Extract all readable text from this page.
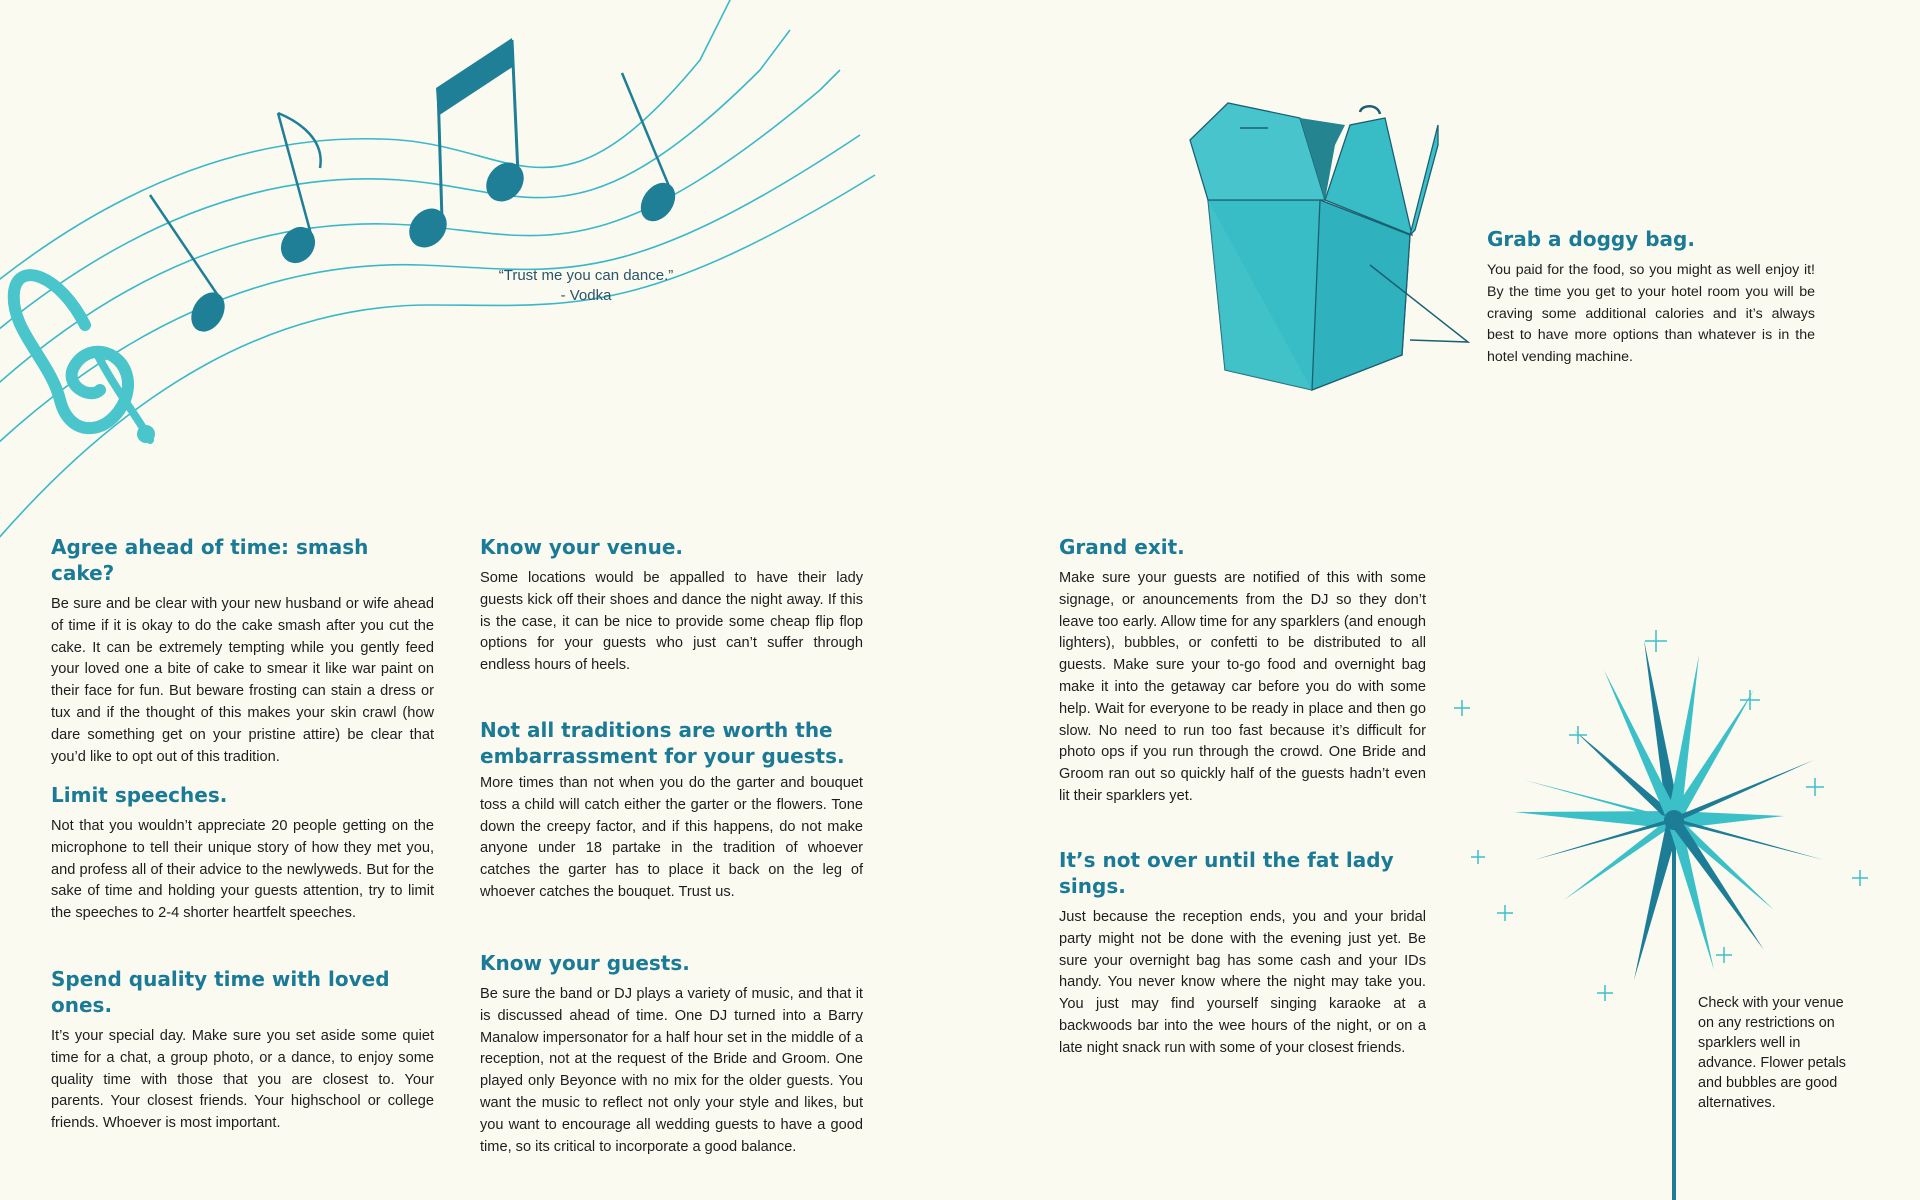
“Trust me you can dance.”
- Vodka
Grab a doggy bag.

You paid for the food, so you might as well enjoy it! By the time you get to your hotel room you will be craving some additional calories and it’s always best to have more options than whatever is in the hotel vending machine.

Agree ahead of time: smash cake?

Be sure and be clear with your new husband or wife ahead of time if it is okay to do the cake smash after you cut the cake. It can be extremely tempting while you gently feed your loved one a bite of cake to smear it like war paint on their face for fun. But beware frosting can stain a dress or tux and if the thought of this makes your skin crawl (how dare something get on your pristine attire) be clear that you’d like to opt out of this tradition.

Limit speeches.

Not that you wouldn’t appreciate 20 people getting on the microphone to tell their unique story of how they met you, and profess all of their advice to the newlyweds. But for the sake of time and holding your guests attention, try to limit the speeches to 2-4 shorter heartfelt speeches.

Spend quality time with loved ones.

It’s your special day. Make sure you set aside some quiet time for a chat, a group photo, or a dance, to enjoy some quality time with those that you are closest to. Your parents. Your closest friends. Your highschool or college friends. Whoever is most important.

Know your venue.

Some locations would be appalled to have their lady guests kick off their shoes and dance the night away. If this is the case, it can be nice to provide some cheap flip flop options for your guests who just can’t suffer through endless hours of heels.

Not all traditions are worth the embarrassment for your guests.

More times than not when you do the garter and bouquet toss a child will catch either the garter or the flowers. Tone down the creepy factor, and if this happens, do not make anyone under 18 partake in the tradition of whoever catches the garter has to place it back on the leg of whoever catches the bouquet. Trust us.

Know your guests.

Be sure the band or DJ plays a variety of music, and that it is discussed ahead of time. One DJ turned into a Barry Manalow impersonator for a half hour set in the middle of a reception, not at the request of the Bride and Groom. One played only Beyonce with no mix for the older guests. You want the music to reflect not only your style and likes, but you want to encourage all wedding guests to have a good time, so its critical to incorporate a good balance.

Grand exit.

Make sure your guests are notified of this with some signage, or anouncements from the DJ so they don’t leave too early. Allow time for any sparklers (and enough lighters), bubbles, or confetti to be distributed to all guests. Make sure your to-go food and overnight bag make it into the getaway car before you do with some help. Wait for everyone to be ready in place and then go slow. No need to run too fast because it’s difficult for photo ops if you run through the crowd. One Bride and Groom ran out so quickly half of the guests hadn’t even lit their sparklers yet.

It’s not over until the fat lady sings.

Just because the reception ends, you and your bridal party might not be done with the evening just yet. Be sure your overnight bag has some cash and your IDs handy. You never know where the night may take you. You just may find yourself singing karaoke at a backwoods bar into the wee hours of the night, or on a late night snack run with some of your closest friends.

Check with your venue on any restrictions on sparklers well in advance. Flower petals and bubbles are good alternatives.
